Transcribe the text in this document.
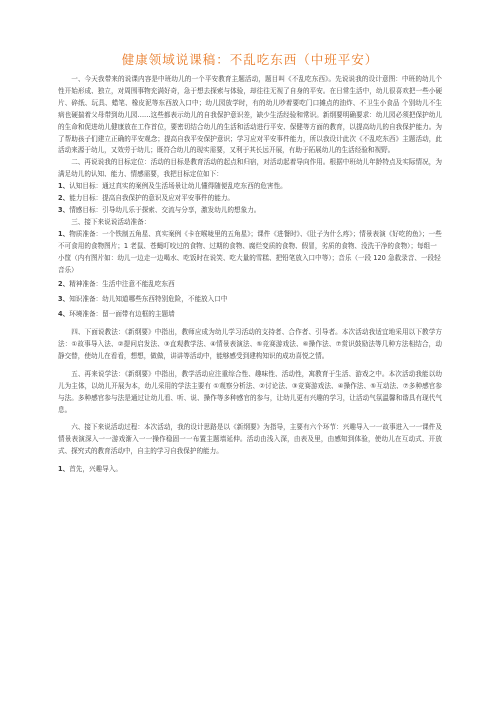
健康领域说课稿：不乱吃东西（中班平安）

一、今天我带来的说课内容是中班幼儿的一个平安教育主题活动，题目叫《不乱吃东西》。先说说我的设计意图：中班的幼儿个性开始形成、独立，对周围事物充满好奇，急于想去探索与体验，却往往无视了自身的平安。在日常生活中，幼儿很喜欢把一些小硬片、碎纸、玩具、蜡笔、橡皮泥等东西放入口中；幼儿园放学时，有的幼儿吵着要吃门口摊点的油炸、不卫生小食品 个别幼儿不生病也硬揣着父母带到幼儿园……这些都表示幼儿的自我保护意识差，缺少生活经验和常识。新纲要明确要求：幼儿园必须把保护幼儿的生命和促进幼儿健康放在工作首位，要密切结合幼儿的生活和活动进行平安、保健等方面的教育，以提高幼儿的自我保护能力。为了帮助孩子们建立正确的平安观念；提高自我平安保护意识；学习应对平安事件能力，所以我设计此次《不乱吃东西》主题活动，此活动来源于幼儿，又效劳于幼儿；既符合幼儿的现实需要，又利于其长远开展，有助于拓展幼儿的生活经验和视野。

二、再说说我的目标定位：活动的目标是教育活动的起点和归宿，对活动起着导向作用。根据中班幼儿年龄特点及实际情况，为满足幼儿的认知、能力、情感需要，我把目标定位如下：

1、认知目标：通过真实的案例及生活场景让幼儿懂得随便乱吃东西的危害性。

2、能力目标：提高自我保护的意识及应对平安事件的能力。

3、情感目标：引导幼儿乐于探索、交流与分享，激发幼儿的想象力。

三、接下来说说活动准备：

1、物质准备：一个铁制五角星、真实案例《卡在喉咙里的五角星》；课件《进餐时》、《肚子为什么疼》；情景表演《好吃的鱼》；一些不可食用的食物图片；1 老鼠、苍蝇叮咬过的食物、过期的食物、腐烂变质的食物、假冒，劣质的食物、没洗干净的食物）；每组一小筐（内有图片如：幼儿一边走一边喝水、吃饭时在说笑、吃大量的雪糕、把铅笔放入口中等）；音乐（一段 120 急救录音、一段轻音乐）

2、精神准备：生活中注意不能乱吃东西

3、知识准备：幼儿知道哪些东西特别危险，不能放入口中

4、环境准备：留一面带有边框的主题墙

四、下面说教法：《新纲要》中指出，教师应成为幼儿学习活动的支持者、合作者、引导者。本次活动我适宜地采用以下教学方法：①故事导入法、②提问启发法、③直观教学法、④情景表演法、⑤竞赛游戏法、⑥操作法、⑦赏识鼓励法等几种方法相结合，动静交替，使幼儿在看看，想想，做做，讲讲等活动中，能够感受到建构知识的成功喜悦之情。

五、再来说学法：《新纲要》中指出，教学活动应注重综合性、趣味性、活动性，寓教育于生活、游戏之中。本次活动我能以幼儿为主体，以幼儿开展为本，幼儿采用的学法主要有 ①观察分析法、②讨论法、③竞赛游戏法、④操作法、⑤互动法、⑦多种感官参与法。多种感官参与法是通过让幼儿看、听、说、操作等多种感官的参与，让幼儿更有兴趣的学习，让活动气氛温馨和谐具有现代气息。

六、接下来说活动过程：本次活动，我的设计思路是以《新纲要》为指导，主要有六个环节：兴趣导入一一故事进入一一课件及情景表演深入一一游戏渐入一一操作稳固一一布置主题墙延伸。活动由浅入深，由表及里，由感知到体验，使幼儿在互动式、开放式、探究式的教育活动中，自主的学习自我保护的能力。

1、首先，兴趣导入。
